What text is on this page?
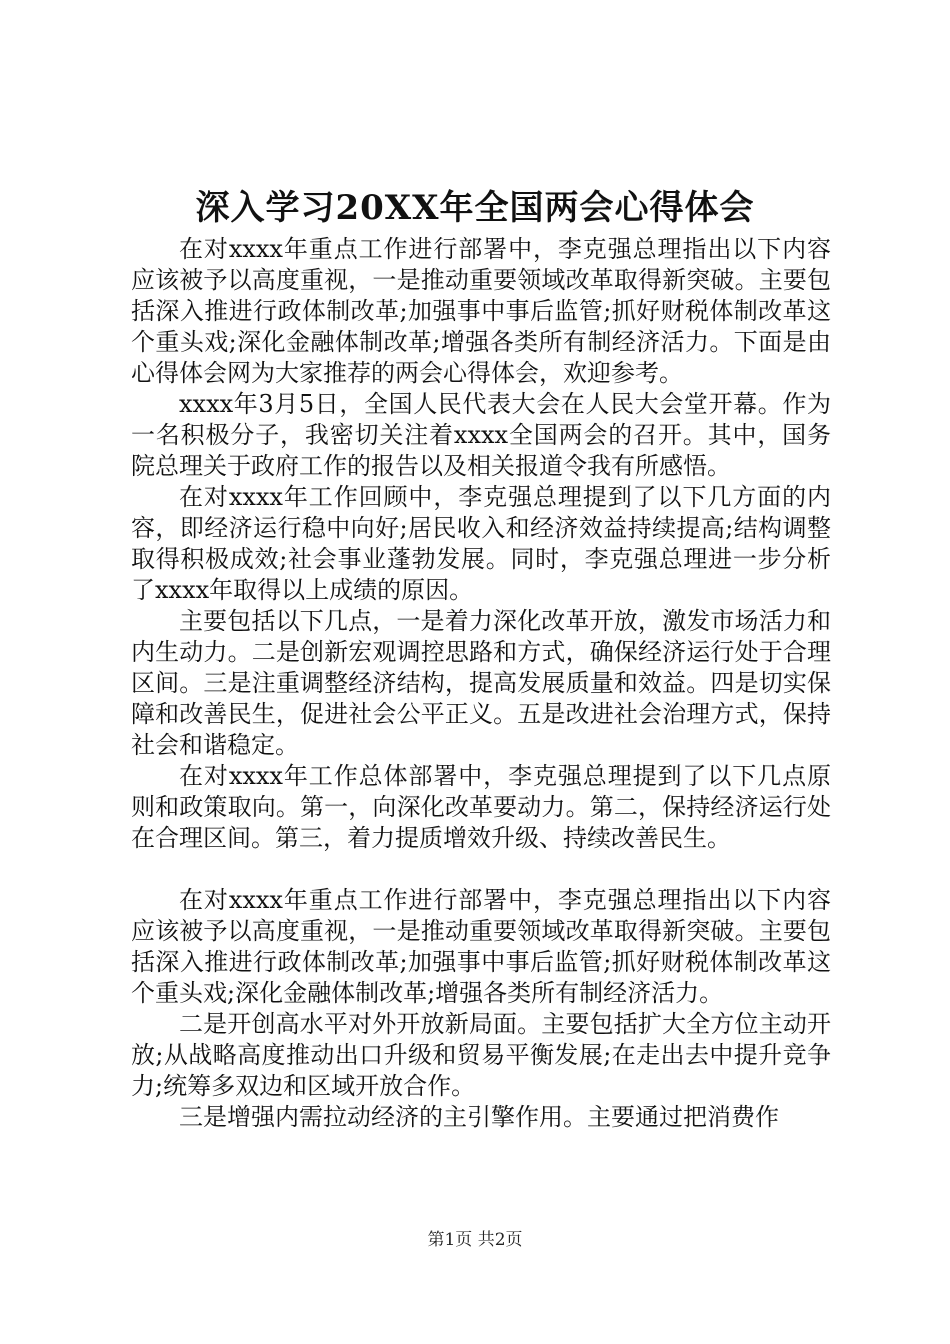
深入学习20XX年全国两会心得体会

在对xxxx年重点工作进行部署中，李克强总理指出以下内容应该被予以高度重视，一是推动重要领域改革取得新突破。主要包括深入推进行政体制改革;加强事中事后监管;抓好财税体制改革这个重头戏;深化金融体制改革;增强各类所有制经济活力。下面是由心得体会网为大家推荐的两会心得体会，欢迎参考。

xxxx年3月5日，全国人民代表大会在人民大会堂开幕。作为一名积极分子，我密切关注着xxxx全国两会的召开。其中，国务院总理关于政府工作的报告以及相关报道令我有所感悟。

在对xxxx年工作回顾中，李克强总理提到了以下几方面的内容，即经济运行稳中向好;居民收入和经济效益持续提高;结构调整取得积极成效;社会事业蓬勃发展。同时，李克强总理进一步分析了xxxx年取得以上成绩的原因。

主要包括以下几点，一是着力深化改革开放，激发市场活力和内生动力。二是创新宏观调控思路和方式，确保经济运行处于合理区间。三是注重调整经济结构，提高发展质量和效益。四是切实保障和改善民生，促进社会公平正义。五是改进社会治理方式，保持社会和谐稳定。

在对xxxx年工作总体部署中，李克强总理提到了以下几点原则和政策取向。第一，向深化改革要动力。第二，保持经济运行处在合理区间。第三，着力提质增效升级、持续改善民生。

在对xxxx年重点工作进行部署中，李克强总理指出以下内容应该被予以高度重视，一是推动重要领域改革取得新突破。主要包括深入推进行政体制改革;加强事中事后监管;抓好财税体制改革这个重头戏;深化金融体制改革;增强各类所有制经济活力。

二是开创高水平对外开放新局面。主要包括扩大全方位主动开放;从战略高度推动出口升级和贸易平衡发展;在走出去中提升竞争力;统筹多双边和区域开放合作。

三是增强内需拉动经济的主引擎作用。主要通过把消费作

第1页 共2页
